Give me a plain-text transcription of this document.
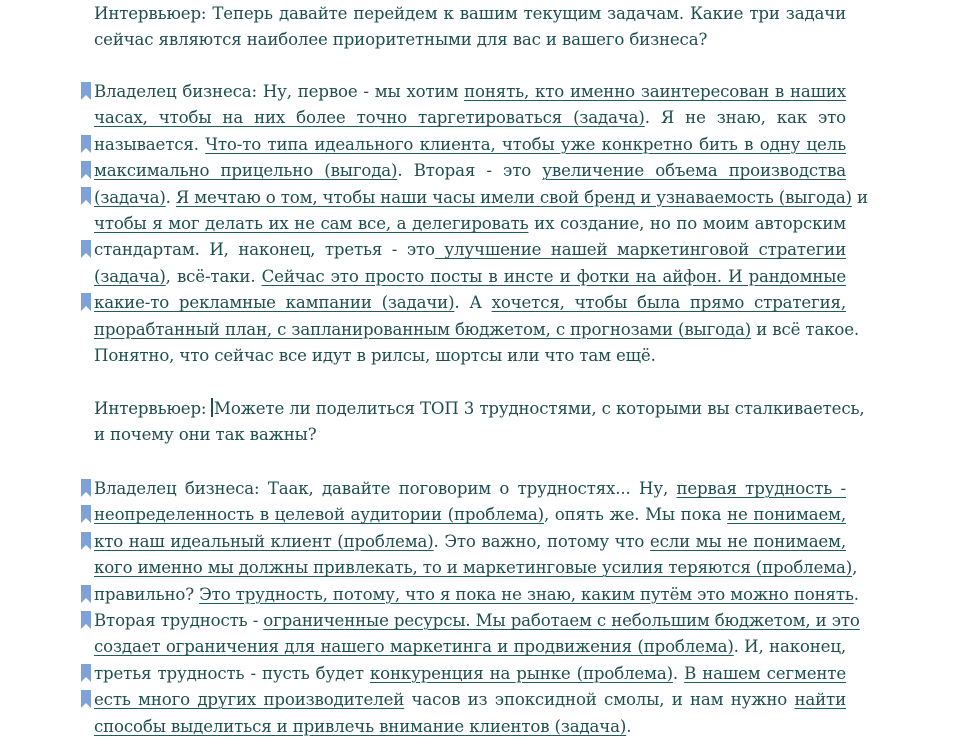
Интервьюер: Теперь давайте перейдем к вашим текущим задачам. Какие три задачи
сейчас являются наиболее приоритетными для вас и вашего бизнеса?
Владелец бизнеса: Ну, первое - мы хотим понять, кто именно заинтересован в наших
часах, чтобы на них более точно таргетироваться (задача). Я не знаю, как это
называется. Что-то типа идеального клиента, чтобы уже конкретно бить в одну цель
максимально прицельно (выгода). Вторая - это увеличение объема производства
(задача). Я мечтаю о том, чтобы наши часы имели свой бренд и узнаваемость (выгода) и
чтобы я мог делать их не сам все, а делегировать их создание, но по моим авторским
стандартам. И, наконец, третья - это улучшение нашей маркетинговой стратегии
(задача), всё-таки. Сейчас это просто посты в инсте и фотки на айфон. И рандомные
какие-то рекламные кампании (задачи). А хочется, чтобы была прямо стратегия,
прорабтанный план, с запланированным бюджетом, с прогнозами (выгода) и всё такое.
Понятно, что сейчас все идут в рилсы, шортсы или что там ещё.
Интервьюер: Можете ли поделиться ТОП 3 трудностями, с которыми вы сталкиваетесь,
и почему они так важны?
Владелец бизнеса: Таак, давайте поговорим о трудностях... Ну, первая трудность -
неопределенность в целевой аудитории (проблема), опять же. Мы пока не понимаем,
кто наш идеальный клиент (проблема). Это важно, потому что если мы не понимаем,
кого именно мы должны привлекать, то и маркетинговые усилия теряются (проблема),
правильно? Это трудность, потому, что я пока не знаю, каким путём это можно понять.
Вторая трудность - ограниченные ресурсы. Мы работаем с небольшим бюджетом, и это
создает ограничения для нашего маркетинга и продвижения (проблема). И, наконец,
третья трудность - пусть будет конкуренция на рынке (проблема). В нашем сегменте
есть много других производителей часов из эпоксидной смолы, и нам нужно найти
способы выделиться и привлечь внимание клиентов (задача).
